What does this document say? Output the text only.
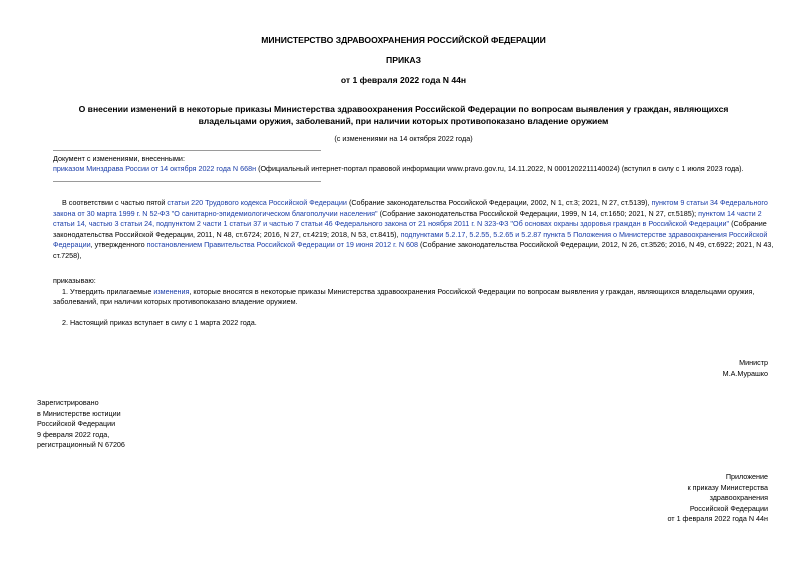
МИНИСТЕРСТВО ЗДРАВООХРАНЕНИЯ РОССИЙСКОЙ ФЕДЕРАЦИИ
ПРИКАЗ
от 1 февраля 2022 года N 44н
О внесении изменений в некоторые приказы Министерства здравоохранения Российской Федерации по вопросам выявления у граждан, являющихся
владельцами оружия, заболеваний, при наличии которых противопоказано владение оружием
(с изменениями на 14 октября 2022 года)
Документ с изменениями, внесенными:
приказом Минздрава России от 14 октября 2022 года N 668н (Официальный интернет-портал правовой информации www.pravo.gov.ru, 14.11.2022, N 0001202211140024) (вступил в силу с 1 июля 2023 года).
В соответствии с частью пятой статьи 220 Трудового кодекса Российской Федерации (Собрание законодательства Российской Федерации, 2002, N 1, ст.3; 2021, N 27, ст.5139), пунктом 9 статьи 34 Федерального
закона от 30 марта 1999 г. N 52-ФЗ "О санитарно-эпидемиологическом благополучии населения" (Собрание законодательства Российской Федерации, 1999, N 14, ст.1650; 2021, N 27, ст.5185); пунктом 14 части 2
статьи 14, частью 3 статьи 24, подпунктом 2 части 1 статьи 37 и частью 7 статьи 46 Федерального закона от 21 ноября 2011 г. N 323-ФЗ "Об основах охраны здоровья граждан в Российской Федерации" (Собрание
законодательства Российской Федерации, 2011, N 48, ст.6724; 2016, N 27, ст.4219; 2018, N 53, ст.8415), подпунктами 5.2.17, 5.2.55, 5.2.65 и 5.2.87 пункта 5 Положения о Министерстве здравоохранения Российской
Федерации, утвержденного постановлением Правительства Российской Федерации от 19 июня 2012 г. N 608 (Собрание законодательства Российской Федерации, 2012, N 26, ст.3526; 2016, N 49, ст.6922; 2021, N 43,
ст.7258),
приказываю:
1. Утвердить прилагаемые изменения, которые вносятся в некоторые приказы Министерства здравоохранения Российской Федерации по вопросам выявления у граждан, являющихся владельцами оружия,
заболеваний, при наличии которых противопоказано владение оружием.
2. Настоящий приказ вступает в силу с 1 марта 2022 года.
Министр
М.А.Мурашко
Зарегистрировано
в Министерстве юстиции
Российской Федерации
9 февраля 2022 года,
регистрационный N 67206
Приложение
к приказу Министерства
здравоохранения
Российской Федерации
от 1 февраля 2022 года N 44н
